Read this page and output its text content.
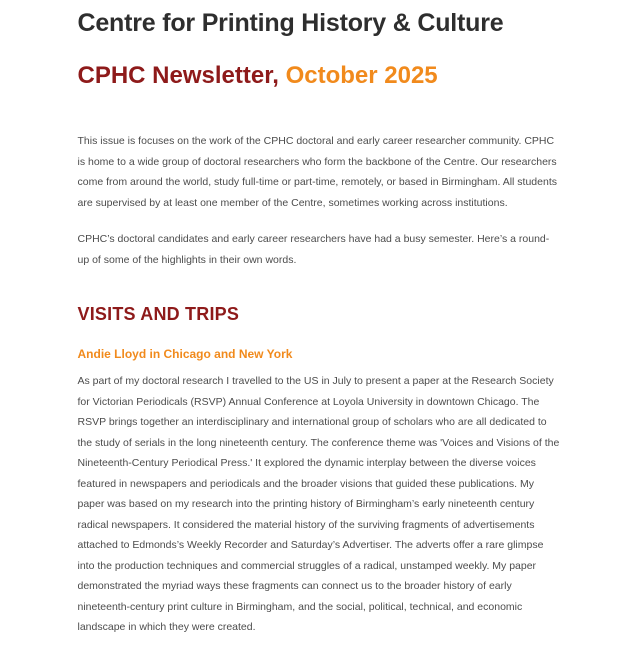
Centre for Printing History & Culture
CPHC Newsletter, October 2025

This issue is focuses on the work of the CPHC doctoral and early career researcher community. CPHC is home to a wide group of doctoral researchers who form the backbone of the Centre. Our researchers come from around the world, study full-time or part-time, remotely, or based in Birmingham. All students are supervised by at least one member of the Centre, sometimes working across institutions.

CPHC’s doctoral candidates and early career researchers have had a busy semester. Here’s a round-up of some of the highlights in their own words.

VISITS AND TRIPS
Andie Lloyd in Chicago and New York

As part of my doctoral research I travelled to the US in July to present a paper at the Research Society for Victorian Periodicals (RSVP) Annual Conference at Loyola University in downtown Chicago. The RSVP brings together an interdisciplinary and international group of scholars who are all dedicated to the study of serials in the long nineteenth century. The conference theme was 'Voices and Visions of the Nineteenth-Century Periodical Press.' It explored the dynamic interplay between the diverse voices featured in newspapers and periodicals and the broader visions that guided these publications. My paper was based on my research into the printing history of Birmingham’s early nineteenth century radical newspapers. It considered the material history of the surviving fragments of advertisements attached to Edmonds’s Weekly Recorder and Saturday’s Advertiser. The adverts offer a rare glimpse into the production techniques and commercial struggles of a radical, unstamped weekly. My paper demonstrated the myriad ways these fragments can connect us to the broader history of early nineteenth-century print culture in Birmingham, and the social, political, technical, and economic landscape in which they were created.
